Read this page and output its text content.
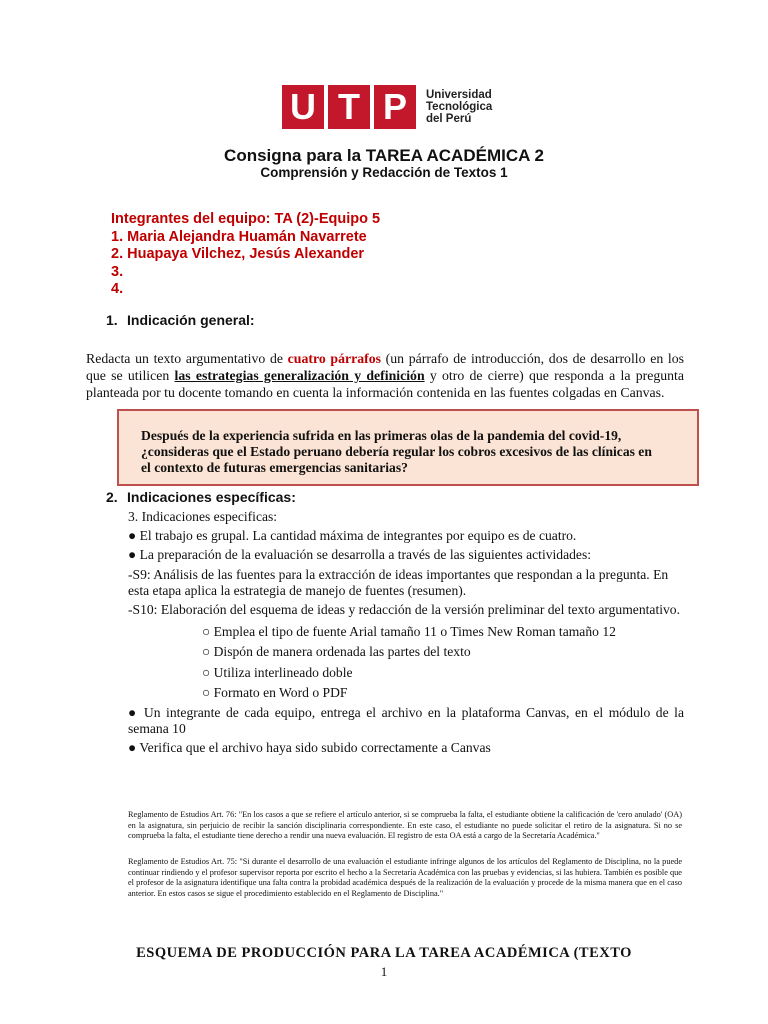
U T P	Universidad
Tecnológica
del Perú
Consigna para la TAREA ACADÉMICA 2
Comprensión y Redacción de Textos 1
Integrantes del equipo: TA (2)-Equipo 5
1. Maria Alejandra Huamán Navarrete
2. Huapaya Vilchez, Jesús Alexander
3.
4.
1. Indicación general:
Redacta un texto argumentativo de cuatro párrafos (un párrafo de introducción, dos de desarrollo en los que se utilicen las estrategias generalización y definición y otro de cierre) que responda a la pregunta planteada por tu docente tomando en cuenta la información contenida en las fuentes colgadas en Canvas.
Después de la experiencia sufrida en las primeras olas de la pandemia del covid-19,
¿consideras que el Estado peruano debería regular los cobros excesivos de las clínicas en
el contexto de futuras emergencias sanitarias?
2. Indicaciones específicas:

3. Indicaciones especificas:

● El trabajo es grupal. La cantidad máxima de integrantes por equipo es de cuatro.

● La preparación de la evaluación se desarrolla a través de las siguientes actividades:

-S9: Análisis de las fuentes para la extracción de ideas importantes que respondan a la pregunta. En esta etapa aplica la estrategia de manejo de fuentes (resumen).

-S10: Elaboración del esquema de ideas y redacción de la versión preliminar del texto argumentativo.

○ Emplea el tipo de fuente Arial tamaño 11 o Times New Roman tamaño 12

○ Dispón de manera ordenada las partes del texto

○ Utiliza interlineado doble

○ Formato en Word o PDF

● Un integrante de cada equipo, entrega el archivo en la plataforma Canvas, en el módulo de la semana 10

● Verifica que el archivo haya sido subido correctamente a Canvas

Reglamento de Estudios Art. 76: "En los casos a que se refiere el artículo anterior, si se comprueba la falta, el estudiante obtiene la calificación de 'cero anulado' (OA) en la asignatura, sin perjuicio de recibir la sanción disciplinaria correspondiente. En este caso, el estudiante no puede solicitar el retiro de la asignatura. Si no se comprueba la falta, el estudiante tiene derecho a rendir una nueva evaluación. El registro de esta OA está a cargo de la Secretaría Académica."
Reglamento de Estudios Art. 75: "Si durante el desarrollo de una evaluación el estudiante infringe algunos de los artículos del Reglamento de Disciplina, no la puede continuar rindiendo y el profesor supervisor reporta por escrito el hecho a la Secretaría Académica con las pruebas y evidencias, si las hubiera. También es posible que el profesor de la asignatura identifique una falta contra la probidad académica después de la realización de la evaluación y procede de la misma manera que en el caso anterior. En estos casos se sigue el procedimiento establecido en el Reglamento de Disciplina."
ESQUEMA DE PRODUCCIÓN PARA LA TAREA ACADÉMICA (TEXTO
1
